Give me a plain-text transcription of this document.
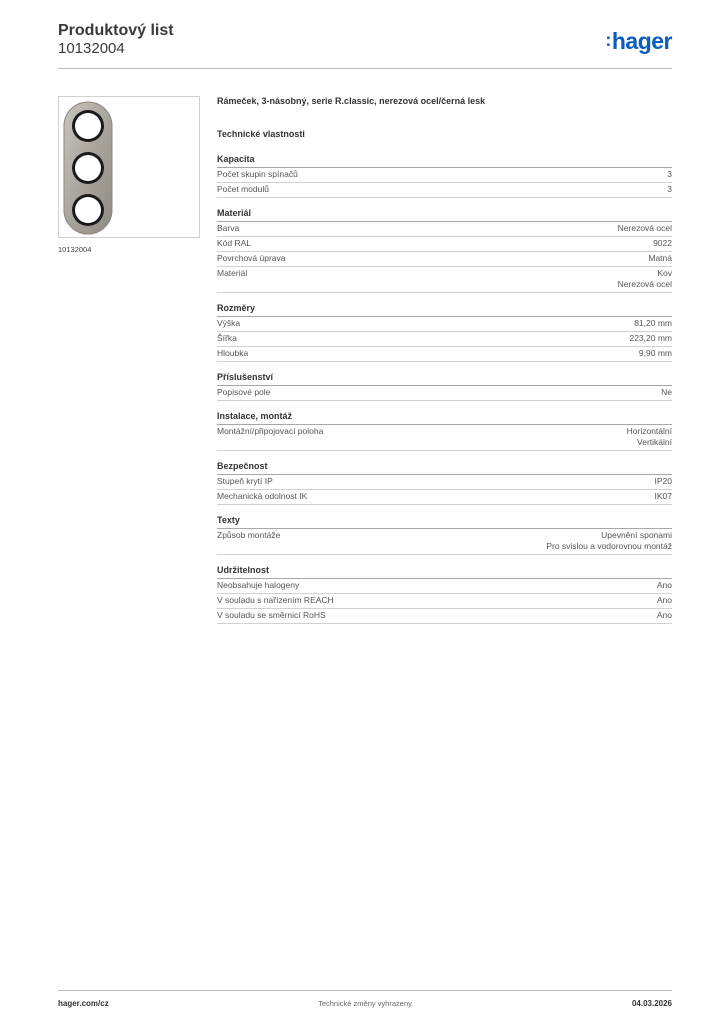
Produktový list
10132004	:hager
10132004
Rámeček, 3-násobný, serie R.classic, nerezová ocel/černá lesk
Technické vlastnosti
Kapacita
Počet skupin spínačů	3
Počet modulů	3
Materiál
Barva	Nerezová ocel
Kód RAL	9022
Povrchová úprava	Matná
Materiál	Kov
Nerezová ocel
Rozměry
Výška	81,20 mm
Šířka	223,20 mm
Hloubka	9,90 mm
Příslušenství
Popisové pole	Ne
Instalace, montáž
Montážní/připojovací poloha	Horizontální
Vertikální
Bezpečnost
Stupeň krytí IP	IP20
Mechanická odolnost IK	IK07
Texty
Způsob montáže	Upevnění sponami
Pro svislou a vodorovnou montáž
Udržitelnost
Neobsahuje halogeny	Ano
V souladu s nařízením REACH	Ano
V souladu se směrnicí RoHS	Ano
hager.com/cz	Technické změny vyhrazeny	04.03.2026
